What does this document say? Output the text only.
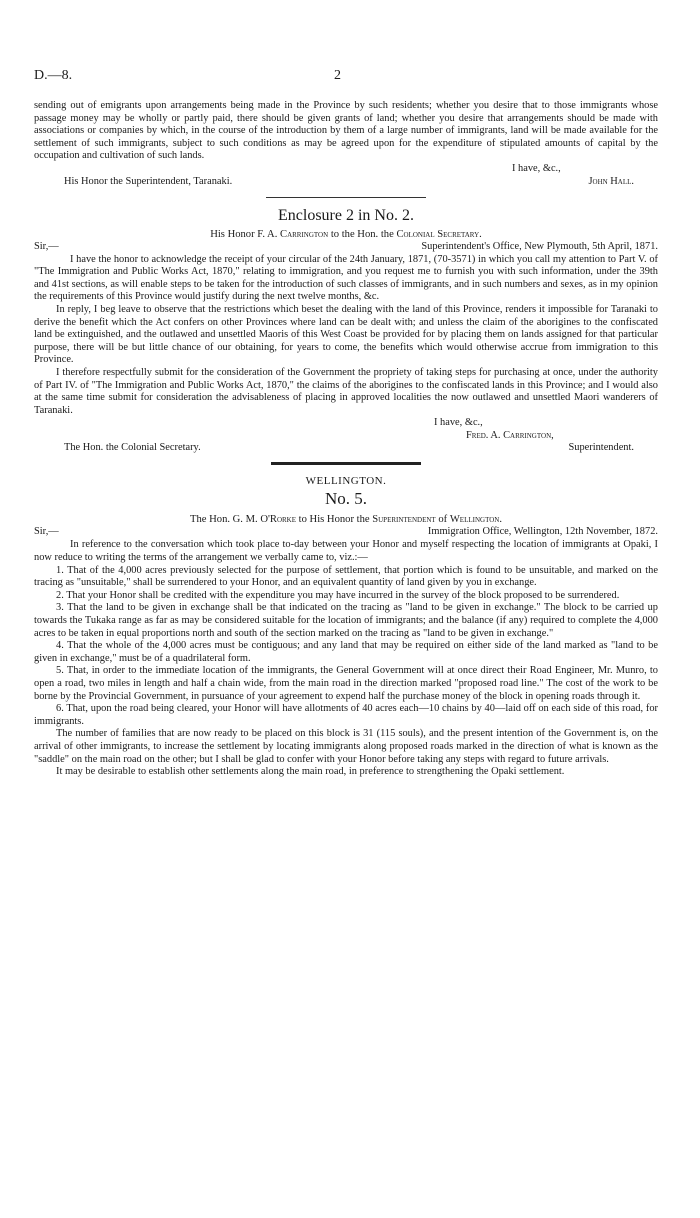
D.—8.	2

sending out of emigrants upon arrangements being made in the Province by such residents; whether you desire that to those immigrants whose passage money may be wholly or partly paid, there should be given grants of land; whether you desire that arrangements should be made with associations or companies by which, in the course of the introduction by them of a large number of immigrants, land will be made available for the settlement of such immigrants, subject to such conditions as may be agreed upon for the expenditure of stipulated amounts of capital by the occupation and cultivation of such lands.

I have, &c.,
His Honor the Superintendent, Taranaki.	John Hall.
Enclosure 2 in No. 2.
His Honor F. A. Carrington to the Hon. the Colonial Secretary.
Sir,—	Superintendent's Office, New Plymouth, 5th April, 1871.

I have the honor to acknowledge the receipt of your circular of the 24th January, 1871, (70-3571) in which you call my attention to Part V. of "The Immigration and Public Works Act, 1870," relating to immigration, and you request me to furnish you with such information, under the 39th and 41st sections, as will enable steps to be taken for the introduction of such classes of immigrants, and in such numbers and sexes, as in my opinion the requirements of this Province would justify during the next twelve months, &c.

In reply, I beg leave to observe that the restrictions which beset the dealing with the land of this Province, renders it impossible for Taranaki to derive the benefit which the Act confers on other Provinces where land can be dealt with; and unless the claim of the aborigines to the confiscated land be extinguished, and the outlawed and unsettled Maoris of this West Coast be provided for by placing them on lands assigned for that particular purpose, there will be but little chance of our obtaining, for years to come, the benefits which would otherwise accrue from immigration to this Province.

I therefore respectfully submit for the consideration of the Government the propriety of taking steps for purchasing at once, under the authority of Part IV. of "The Immigration and Public Works Act, 1870," the claims of the aborigines to the confiscated lands in this Province; and I would also at the same time submit for consideration the advisableness of placing in approved localities the now outlawed and unsettled Maori wanderers of Taranaki.

I have, &c.,
Fred. A. Carrington,
The Hon. the Colonial Secretary.	Superintendent.
WELLINGTON.
No. 5.
The Hon. G. M. O'Rorke to His Honor the Superintendent of Wellington.
Sir,—	Immigration Office, Wellington, 12th November, 1872.

In reference to the conversation which took place to-day between your Honor and myself respecting the location of immigrants at Opaki, I now reduce to writing the terms of the arrangement we verbally came to, viz.:—

1. That of the 4,000 acres previously selected for the purpose of settlement, that portion which is found to be unsuitable, and marked on the tracing as "unsuitable," shall be surrendered to your Honor, and an equivalent quantity of land given by you in exchange.

2. That your Honor shall be credited with the expenditure you may have incurred in the survey of the block proposed to be surrendered.

3. That the land to be given in exchange shall be that indicated on the tracing as "land to be given in exchange." The block to be carried up towards the Tukaka range as far as may be considered suitable for the location of immigrants; and the balance (if any) required to complete the 4,000 acres to be taken in equal proportions north and south of the section marked on the tracing as "land to be given in exchange."

4. That the whole of the 4,000 acres must be contiguous; and any land that may be required on either side of the land marked as "land to be given in exchange," must be of a quadrilateral form.

5. That, in order to the immediate location of the immigrants, the General Government will at once direct their Road Engineer, Mr. Munro, to open a road, two miles in length and half a chain wide, from the main road in the direction marked "proposed road line." The cost of the work to be borne by the Provincial Government, in pursuance of your agreement to expend half the purchase money of the block in opening roads through it.

6. That, upon the road being cleared, your Honor will have allotments of 40 acres each—10 chains by 40—laid off on each side of this road, for immigrants.

The number of families that are now ready to be placed on this block is 31 (115 souls), and the present intention of the Government is, on the arrival of other immigrants, to increase the settlement by locating immigrants along proposed roads marked in the direction of what is known as the "saddle" on the main road on the other; but I shall be glad to confer with your Honor before taking any steps with regard to future arrivals.

It may be desirable to establish other settlements along the main road, in preference to strengthening the Opaki settlement.
